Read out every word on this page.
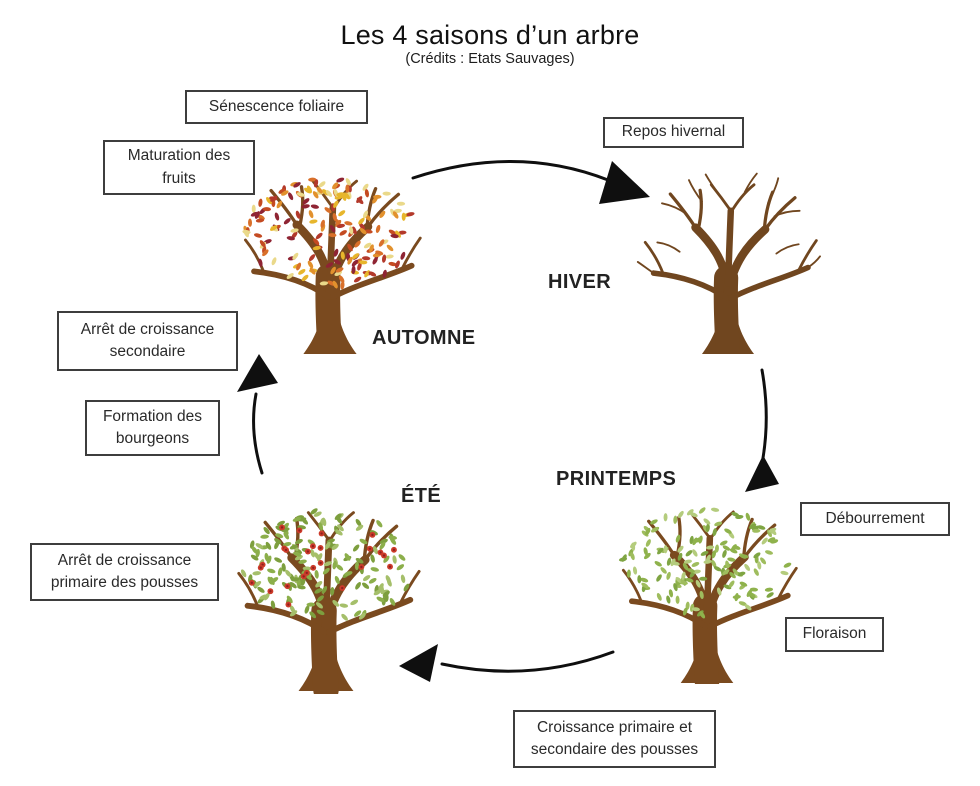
Les 4 saisons d’un arbre
(Crédits : Etats Sauvages)
Sénescence foliaire
Maturation des fruits
Repos hivernal
Arrêt de croissance secondaire
Formation des bourgeons
Débourrement
Floraison
Arrêt de croissance primaire des pousses
Croissance primaire et secondaire des pousses
AUTOMNE
HIVER
PRINTEMPS
ÉTÉ
